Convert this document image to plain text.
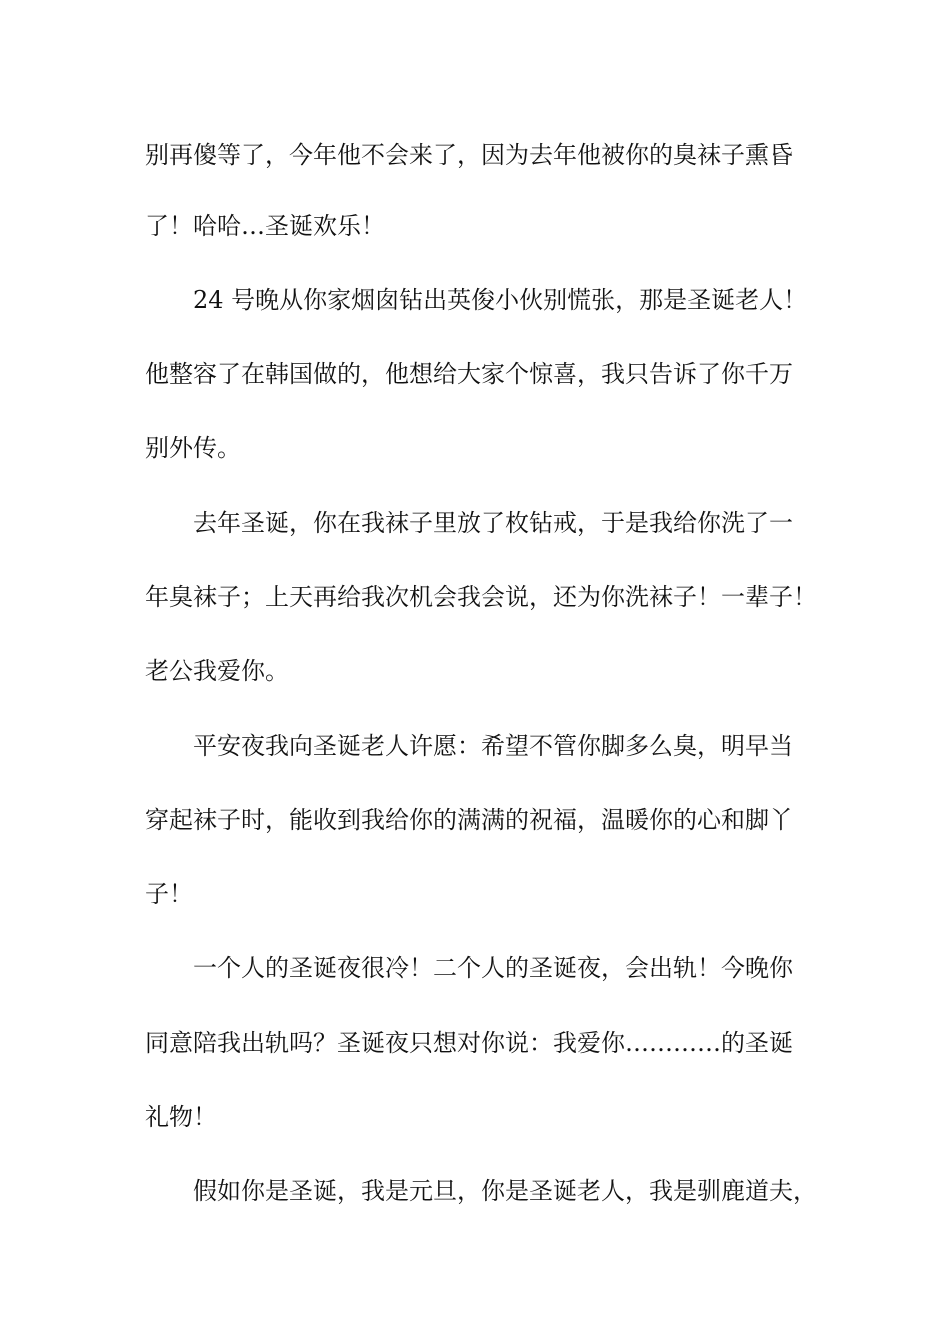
别再傻等了，今年他不会来了，因为去年他被你的臭袜子熏昏
了！哈哈…圣诞欢乐！
24 号晚从你家烟囱钻出英俊小伙别慌张，那是圣诞老人！
他整容了在韩国做的，他想给大家个惊喜，我只告诉了你千万
别外传。
去年圣诞，你在我袜子里放了枚钻戒，于是我给你洗了一
年臭袜子；上天再给我次机会我会说，还为你洗袜子！一辈子！
老公我爱你。
平安夜我向圣诞老人许愿：希望不管你脚多么臭，明早当
穿起袜子时，能收到我给你的满满的祝福，温暖你的心和脚丫
子！
一个人的圣诞夜很冷！二个人的圣诞夜，会出轨！今晚你
同意陪我出轨吗？圣诞夜只想对你说：我爱你…………的圣诞
礼物！
假如你是圣诞，我是元旦，你是圣诞老人，我是驯鹿道夫，
